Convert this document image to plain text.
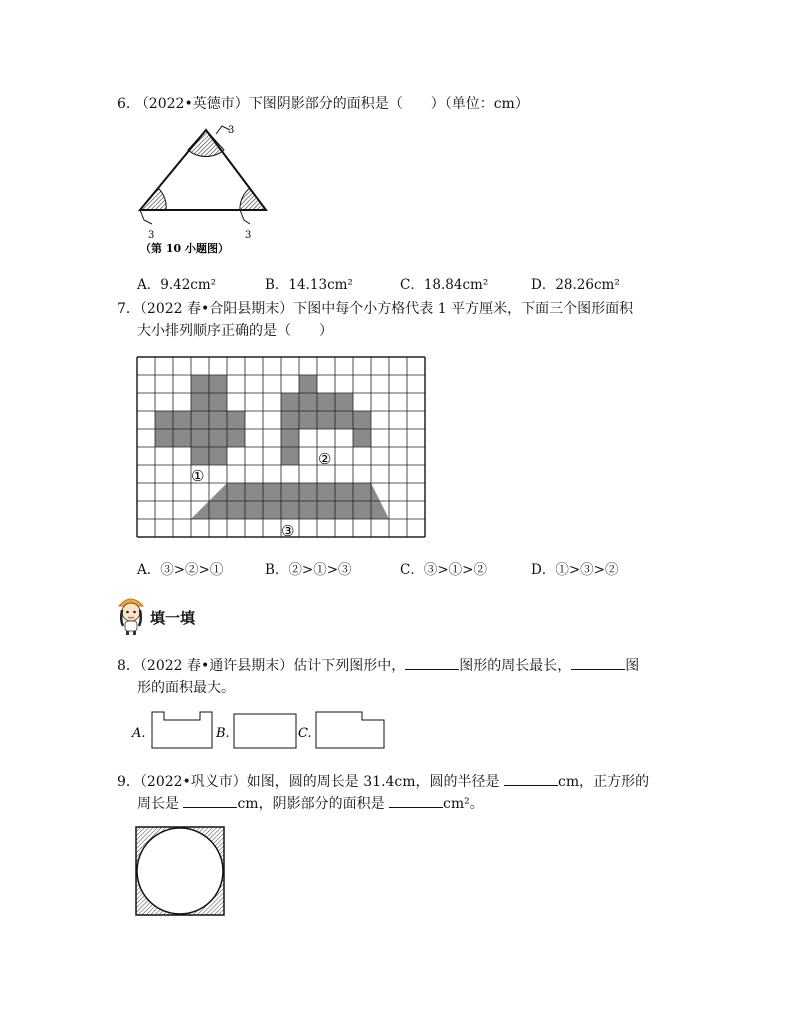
6. （2022•英德市）下图阴影部分的面积是（　　）（单位：cm）
3
3	3
（第 10 小题图）
A．9.42cm²	B．14.13cm²	C．18.84cm²	D．28.26cm²
7．（2022 春•合阳县期末）下图中每个小方格代表 1 平方厘米，下面三个图形面积
大小排列顺序正确的是（　　）
①
②
③
A．③>②>①	B．②>①>③	C．③>①>②	D．①>③>②
填一填
8．（2022 春•通许县期末）估计下列图形中，	图形的周长最长，	图
形的面积最大。
A.	B.	C.
9．（2022•巩义市）如图，圆的周长是 31.4cm，圆的半径是	cm，正方形的
周长是	cm，阴影部分的面积是	cm²。
